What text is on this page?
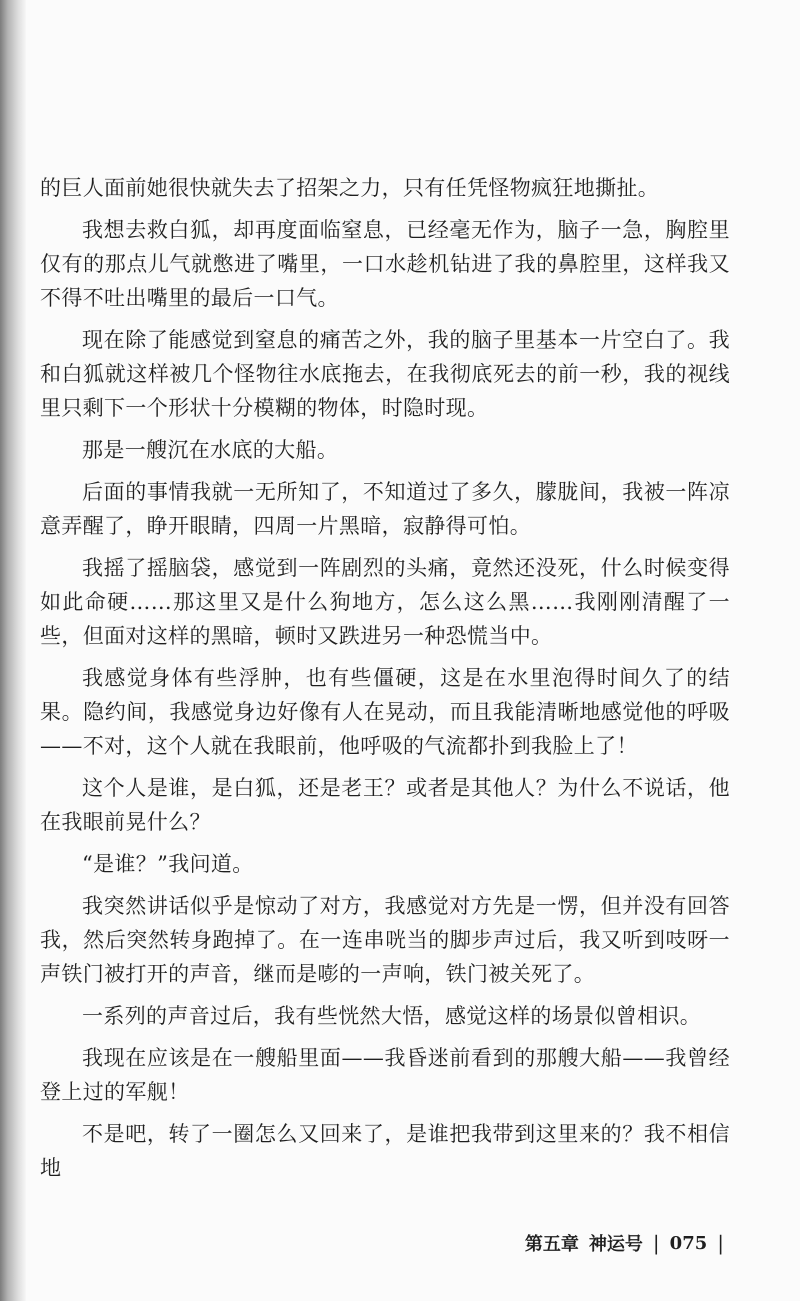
的巨人面前她很快就失去了招架之力，只有任凭怪物疯狂地撕扯。

我想去救白狐，却再度面临窒息，已经毫无作为，脑子一急，胸腔里仅有的那点儿气就憋进了嘴里，一口水趁机钻进了我的鼻腔里，这样我又不得不吐出嘴里的最后一口气。

现在除了能感觉到窒息的痛苦之外，我的脑子里基本一片空白了。我和白狐就这样被几个怪物往水底拖去，在我彻底死去的前一秒，我的视线里只剩下一个形状十分模糊的物体，时隐时现。

那是一艘沉在水底的大船。

后面的事情我就一无所知了，不知道过了多久，朦胧间，我被一阵凉意弄醒了，睁开眼睛，四周一片黑暗，寂静得可怕。

我摇了摇脑袋，感觉到一阵剧烈的头痛，竟然还没死，什么时候变得如此命硬……那这里又是什么狗地方，怎么这么黑……我刚刚清醒了一些，但面对这样的黑暗，顿时又跌进另一种恐慌当中。

我感觉身体有些浮肿，也有些僵硬，这是在水里泡得时间久了的结果。隐约间，我感觉身边好像有人在晃动，而且我能清晰地感觉他的呼吸——不对，这个人就在我眼前，他呼吸的气流都扑到我脸上了！

这个人是谁，是白狐，还是老王？或者是其他人？为什么不说话，他在我眼前晃什么？

“是谁？”我问道。

我突然讲话似乎是惊动了对方，我感觉对方先是一愣，但并没有回答我，然后突然转身跑掉了。在一连串咣当的脚步声过后，我又听到吱呀一声铁门被打开的声音，继而是嘭的一声响，铁门被关死了。

一系列的声音过后，我有些恍然大悟，感觉这样的场景似曾相识。

我现在应该是在一艘船里面——我昏迷前看到的那艘大船——我曾经登上过的军舰！

不是吧，转了一圈怎么又回来了，是谁把我带到这里来的？我不相信地

第五章 神运号 | 075 |
